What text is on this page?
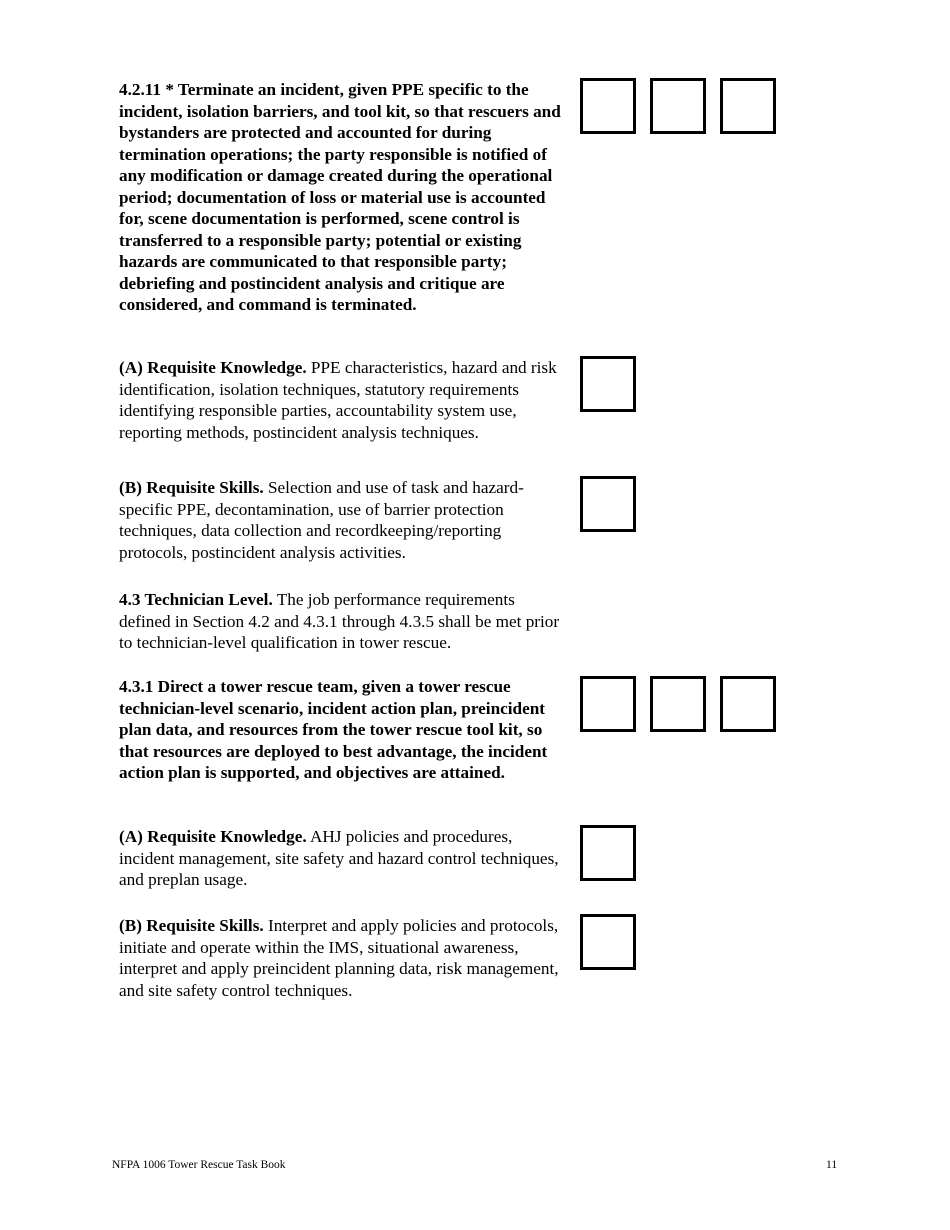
4.2.11 * Terminate an incident, given PPE specific to the incident, isolation barriers, and tool kit, so that rescuers and bystanders are protected and accounted for during termination operations; the party responsible is notified of any modification or damage created during the operational period; documentation of loss or material use is accounted for, scene documentation is performed, scene control is transferred to a responsible party; potential or existing hazards are communicated to that responsible party; debriefing and postincident analysis and critique are considered, and command is terminated.

(A) Requisite Knowledge. PPE characteristics, hazard and risk identification, isolation techniques, statutory requirements identifying responsible parties, accountability system use, reporting methods, postincident analysis techniques.

(B) Requisite Skills. Selection and use of task and hazard-specific PPE, decontamination, use of barrier protection techniques, data collection and recordkeeping/reporting protocols, postincident analysis activities.

4.3 Technician Level. The job performance requirements defined in Section 4.2 and 4.3.1 through 4.3.5 shall be met prior to technician-level qualification in tower rescue.

4.3.1 Direct a tower rescue team, given a tower rescue technician-level scenario, incident action plan, preincident plan data, and resources from the tower rescue tool kit, so that resources are deployed to best advantage, the incident action plan is supported, and objectives are attained.

(A) Requisite Knowledge. AHJ policies and procedures, incident management, site safety and hazard control techniques, and preplan usage.

(B) Requisite Skills. Interpret and apply policies and protocols, initiate and operate within the IMS, situational awareness, interpret and apply preincident planning data, risk management, and site safety control techniques.

NFPA 1006 Tower Rescue Task Book	11
